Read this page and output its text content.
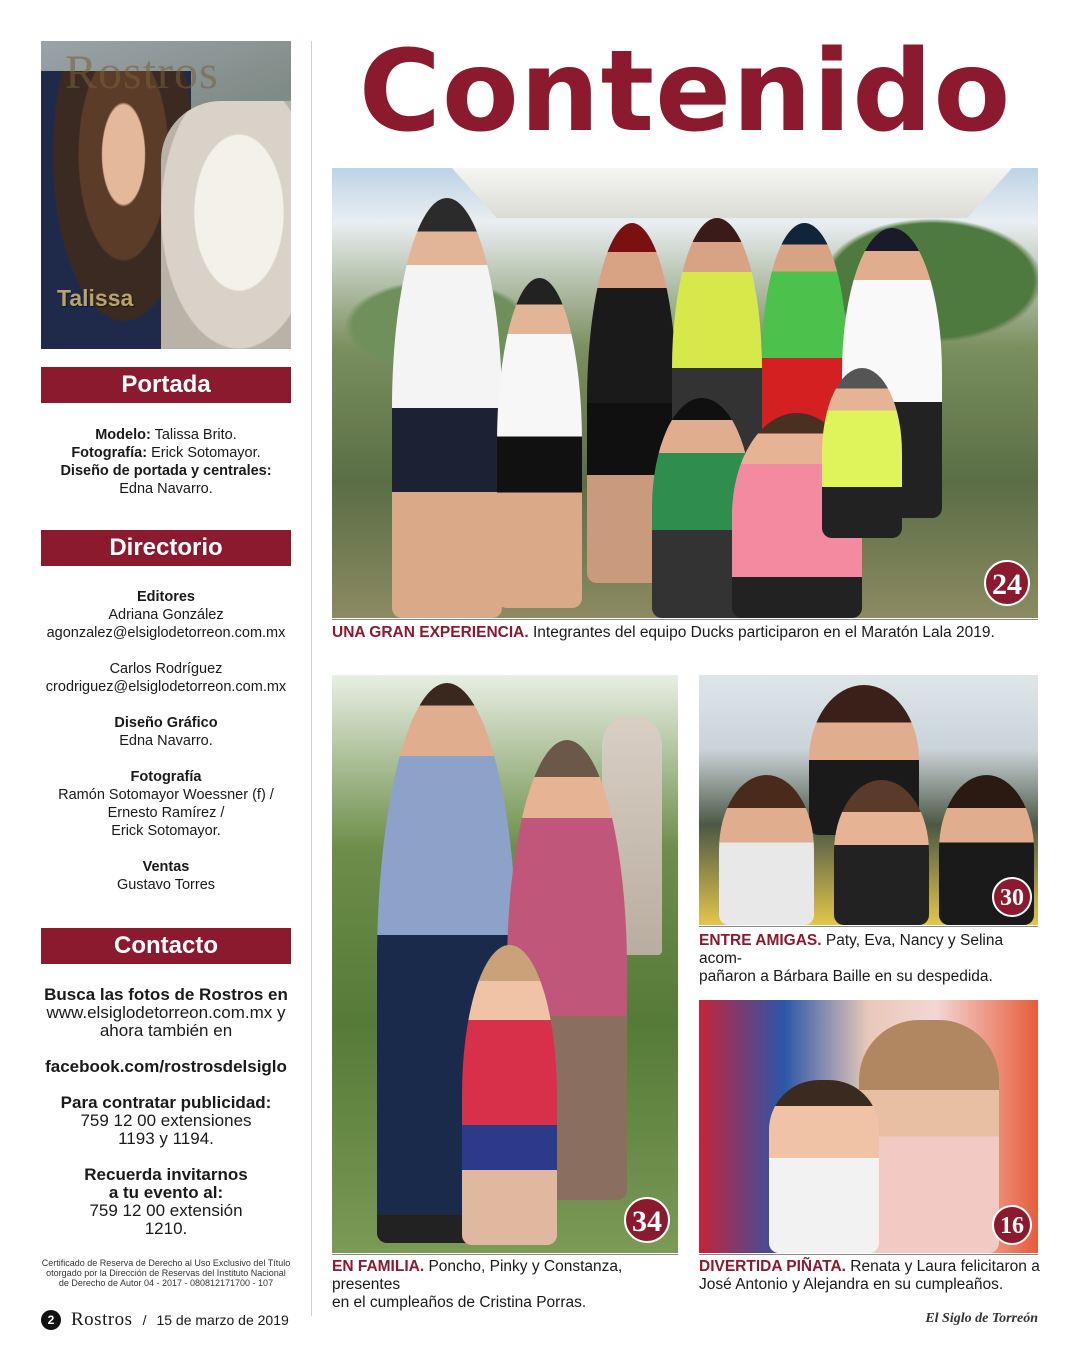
Rostros
Talissa
Portada
Modelo: Talissa Brito.
Fotografía: Erick Sotomayor.
Diseño de portada y centrales:
Edna Navarro.
Directorio
Editores
Adriana González
agonzalez@elsiglodetorreon.com.mx
Carlos Rodríguez
crodriguez@elsiglodetorreon.com.mx
Diseño Gráfico
Edna Navarro.
Fotografía
Ramón Sotomayor Woessner (f) /
Ernesto Ramírez /
Erick Sotomayor.
Ventas
Gustavo Torres
Contacto
Busca las fotos de Rostros en
www.elsiglodetorreon.com.mx y
ahora también en
facebook.com/rostrosdelsiglo
Para contratar publicidad:
759 12 00 extensiones
1193 y 1194.
Recuerda invitarnos
a tu evento al:
759 12 00 extensión
1210.
Certificado de Reserva de Derecho al Uso Exclusivo del Título
otorgado por la Dirección de Reservas del Instituto Nacional
de Derecho de Autor 04 - 2017 - 080812171700 - 107
2 Rostros / 15 de marzo de 2019	El Siglo de Torreón
Contenido
24
UNA GRAN EXPERIENCIA. Integrantes del equipo Ducks participaron en el Maratón Lala 2019.
34
EN FAMILIA. Poncho, Pinky y Constanza, presentes
en el cumpleaños de Cristina Porras.
30
ENTRE AMIGAS. Paty, Eva, Nancy y Selina acom-
pañaron a Bárbara Baille en su despedida.
16
DIVERTIDA PIÑATA. Renata y Laura felicitaron a
José Antonio y Alejandra en su cumpleaños.
